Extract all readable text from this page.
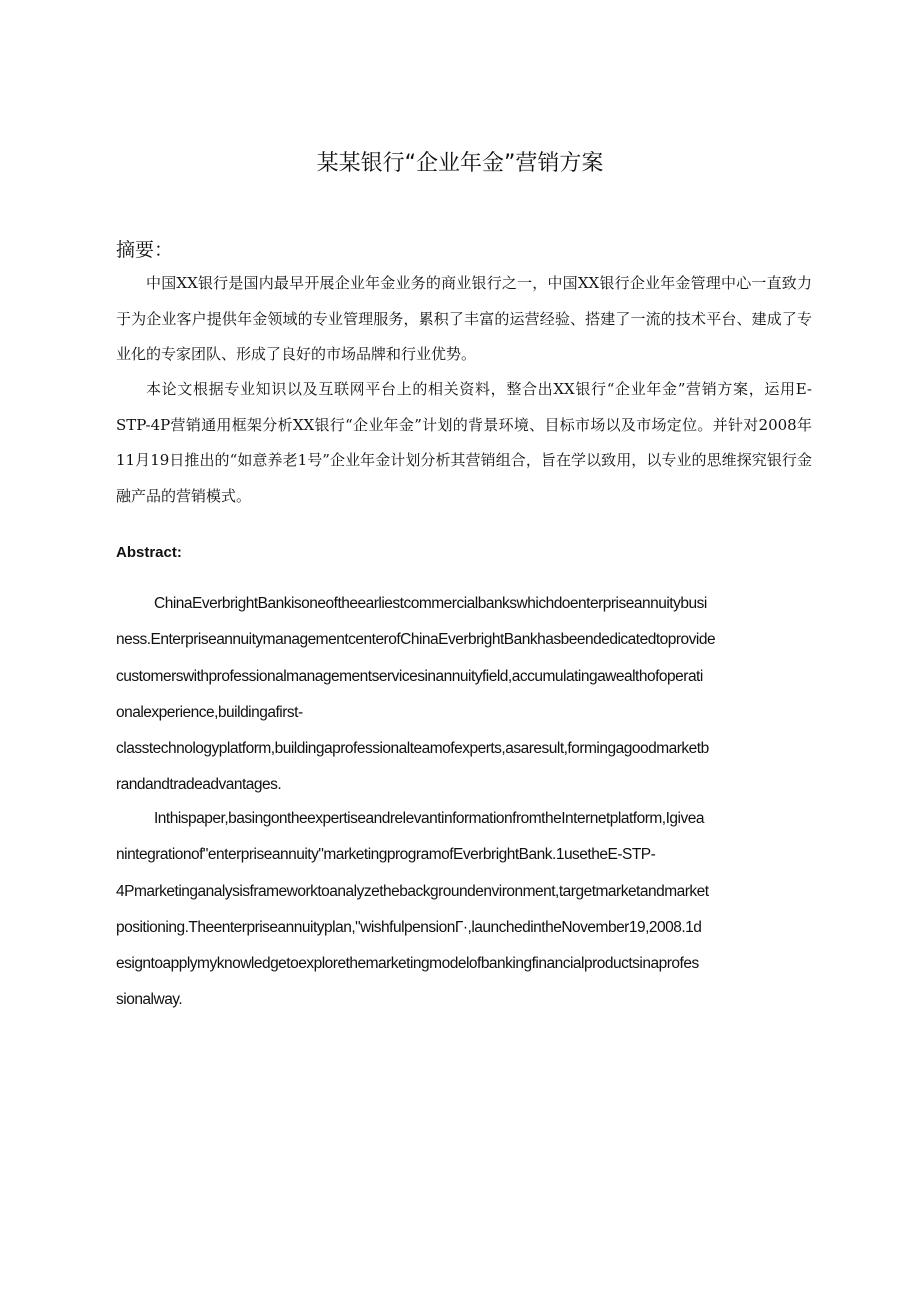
某某银行“企业年金”营销方案
摘要：

中国XX银行是国内最早开展企业年金业务的商业银行之一，中国XX银行企业年金管理中心一直致力于为企业客户提供年金领域的专业管理服务，累积了丰富的运营经验、搭建了一流的技术平台、建成了专业化的专家团队、形成了良好的市场品牌和行业优势。

本论文根据专业知识以及互联网平台上的相关资料，整合出XX银行“企业年金”营销方案，运用E-STP-4P营销通用框架分析XX银行“企业年金”计划的背景环境、目标市场以及市场定位。并针对2008年11月19日推出的“如意养老1号”企业年金计划分析其营销组合，旨在学以致用，以专业的思维探究银行金融产品的营销模式。

Abstract:
ChinaEverbrightBankisoneoftheearliestcommercialbankswhichdoenterpriseannuitybusi
ness.EnterpriseannuitymanagementcenterofChinaEverbrightBankhasbeendedicatedtoprovide
customerswithprofessionalmanagementservicesinannuityfield,accumulatingawealthofoperati
onalexperience,buildingafirst-
classtechnologyplatform,buildingaprofessionalteamofexperts,asaresult,formingagoodmarketb
randandtradeadvantages.
Inthispaper,basingontheexpertiseandrelevantinformationfromtheInternetplatform,Igivea
nintegrationof"enterpriseannuity"marketingprogramofEverbrightBank.1usetheE-STP-
4Pmarketinganalysisframeworktoanalyzethebackgroundenvironment,targetmarketandmarket
positioning.Theenterpriseannuityplan,"wishfulpensionΓ·,launchedintheNovember19,2008.1d
esigntoapplymyknowledgetoexplorethemarketingmodelofbankingfinancialproductsinaprofes
sionalway.
